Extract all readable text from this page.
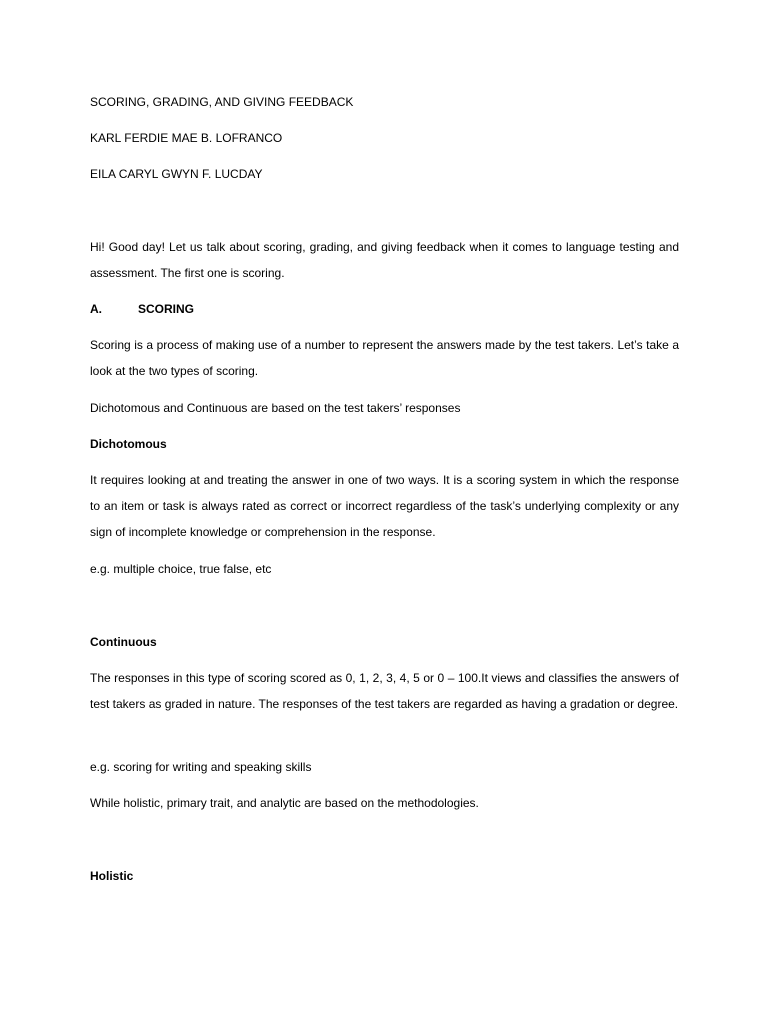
SCORING, GRADING, AND GIVING FEEDBACK

KARL FERDIE MAE B. LOFRANCO

EILA CARYL GWYN F. LUCDAY

Hi! Good day! Let us talk about scoring, grading, and giving feedback when it comes to language testing and assessment. The first one is scoring.

A.	SCORING

Scoring is a process of making use of a number to represent the answers made by the test takers. Let’s take a look at the two types of scoring.

Dichotomous and Continuous are based on the test takers’ responses

Dichotomous

It requires looking at and treating the answer in one of two ways. It is a scoring system in which the response to an item or task is always rated as correct or incorrect regardless of the task’s underlying complexity or any sign of incomplete knowledge or comprehension in the response.

e.g. multiple choice, true false, etc

Continuous

The responses in this type of scoring scored as 0, 1, 2, 3, 4, 5 or 0 – 100.It views and classifies the answers of test takers as graded in nature. The responses of the test takers are regarded as having a gradation or degree.

e.g. scoring for writing and speaking skills

While holistic, primary trait, and analytic are based on the methodologies.

Holistic
